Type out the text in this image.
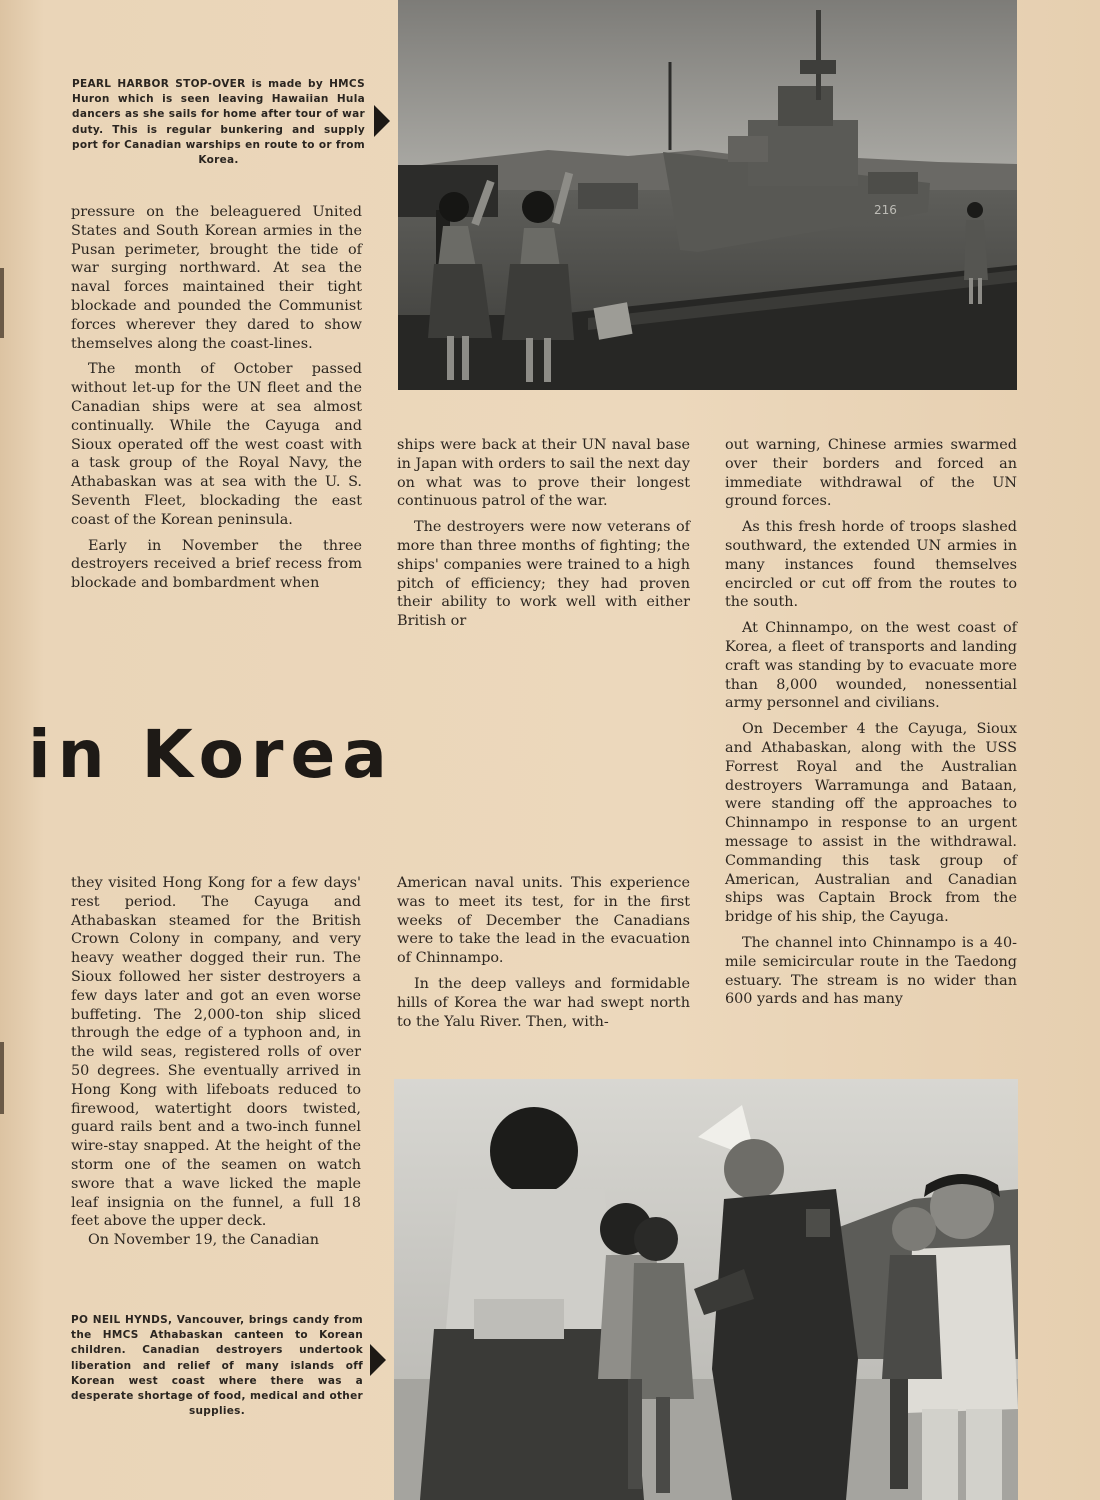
PEARL HARBOR STOP-OVER is made by HMCS Huron which is seen leaving Hawaiian Hula dancers as she sails for home after tour of war duty. This is regular bunkering and supply port for Canadian warships en route to or from Korea.
216

pressure on the beleaguered United States and South Korean armies in the Pusan perimeter, brought the tide of war surging northward. At sea the naval forces maintained their tight blockade and pounded the Communist forces wherever they dared to show themselves along the coast-lines.

The month of October passed without let-up for the UN fleet and the Canadian ships were at sea almost continually. While the Cayuga and Sioux operated off the west coast with a task group of the Royal Navy, the Athabaskan was at sea with the U. S. Seventh Fleet, blockading the east coast of the Korean peninsula.

Early in November the three destroyers received a brief recess from blockade and bombardment when

ships were back at their UN naval base in Japan with orders to sail the next day on what was to prove their longest continuous patrol of the war.

The destroyers were now veterans of more than three months of fighting; the ships' companies were trained to a high pitch of efficiency; they had proven their ability to work well with either British or

out warning, Chinese armies swarmed over their borders and forced an immediate withdrawal of the UN ground forces.

As this fresh horde of troops slashed southward, the extended UN armies in many instances found themselves encircled or cut off from the routes to the south.

At Chinnampo, on the west coast of Korea, a fleet of transports and landing craft was standing by to evacuate more than 8,000 wounded, nonessential army personnel and civilians.

On December 4 the Cayuga, Sioux and Athabaskan, along with the USS Forrest Royal and the Australian destroyers Warramunga and Bataan, were standing off the approaches to Chinnampo in response to an urgent message to assist in the withdrawal. Commanding this task group of American, Australian and Canadian ships was Captain Brock from the bridge of his ship, the Cayuga.

The channel into Chinnampo is a 40-mile semicircular route in the Taedong estuary. The stream is no wider than 600 yards and has many

in Korea

they visited Hong Kong for a few days' rest period. The Cayuga and Athabaskan steamed for the British Crown Colony in company, and very heavy weather dogged their run. The Sioux followed her sister destroyers a few days later and got an even worse buffeting. The 2,000-ton ship sliced through the edge of a typhoon and, in the wild seas, registered rolls of over 50 degrees. She eventually arrived in Hong Kong with lifeboats reduced to firewood, watertight doors twisted, guard rails bent and a two-inch funnel wire-stay snapped. At the height of the storm one of the seamen on watch swore that a wave licked the maple leaf insignia on the funnel, a full 18 feet above the upper deck.

On November 19, the Canadian

American naval units. This experience was to meet its test, for in the first weeks of December the Canadians were to take the lead in the evacuation of Chinnampo.

In the deep valleys and formidable hills of Korea the war had swept north to the Yalu River. Then, with-

PO NEIL HYNDS, Vancouver, brings candy from the HMCS Athabaskan canteen to Korean children. Canadian destroyers undertook liberation and relief of many islands off Korean west coast where there was a desperate shortage of food, medical and other supplies.
